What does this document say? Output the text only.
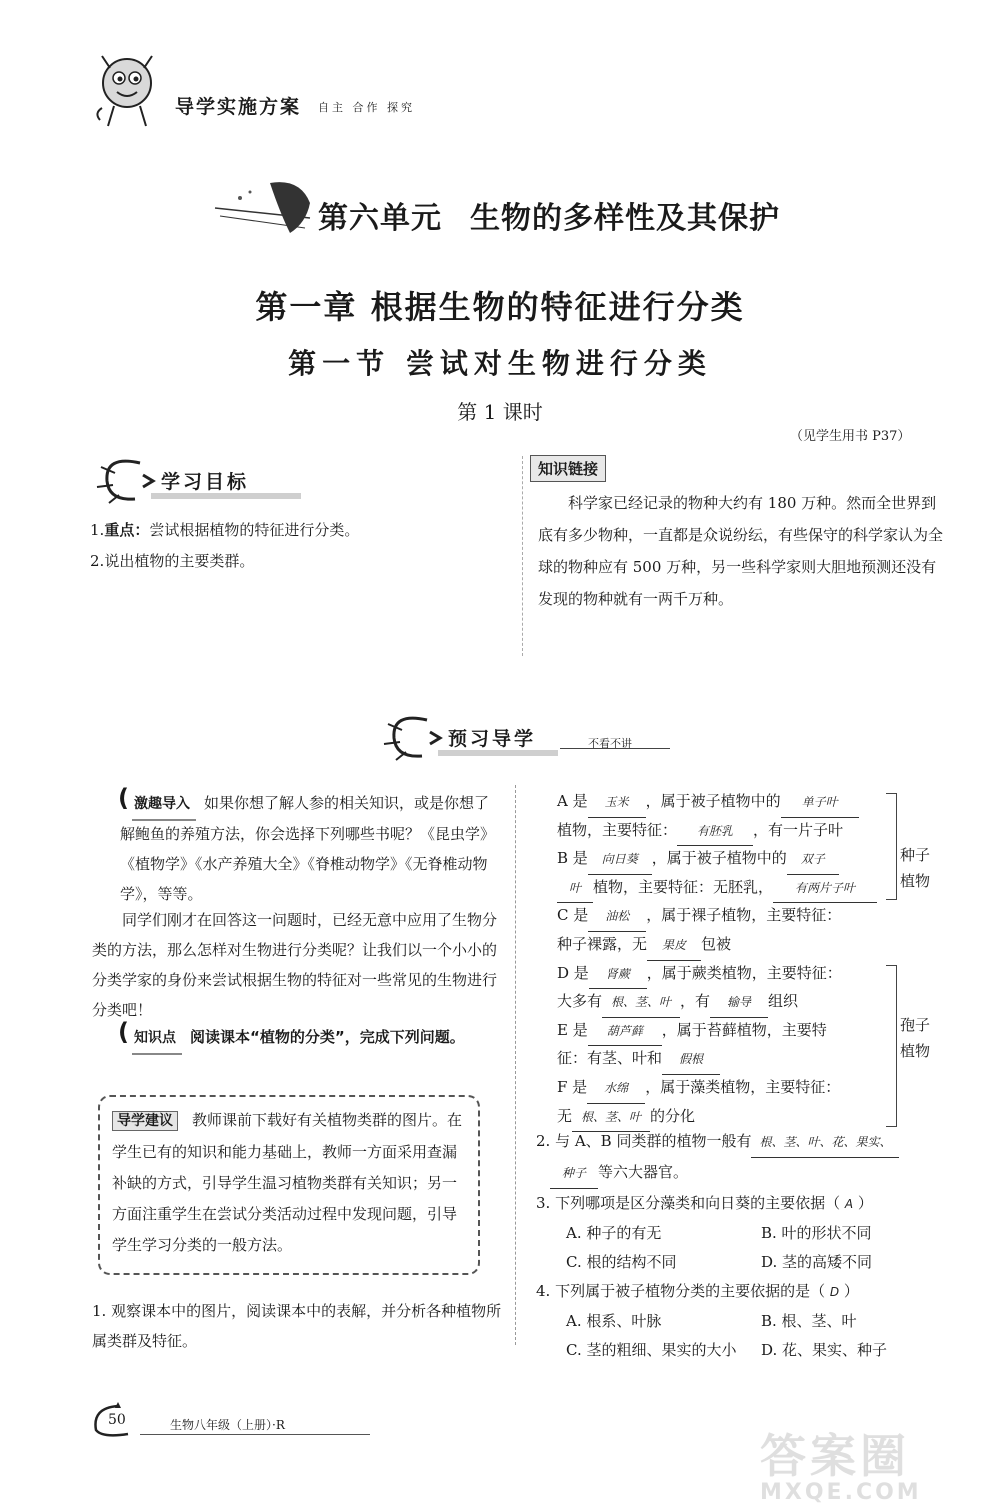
导学实施方案 自主 合作 探究
第六单元 生物的多样性及其保护
第一章 根据生物的特征进行分类
第一节 尝试对生物进行分类
第 1 课时
（见学生用书 P37）
学习目标
1.重点：尝试根据植物的特征进行分类。
2.说出植物的主要类群。
知识链接
科学家已经记录的物种大约有 180 万种。然而全世界到底有多少物种，一直都是众说纷纭，有些保守的科学家认为全球的物种应有 500 万种，另一些科学家则大胆地预测还没有发现的物种就有一两千万种。
预习导学	不看不讲
( 激趣导入 如果你想了解人参的相关知识，或是你想了解鲍鱼的养殖方法，你会选择下列哪些书呢？《昆虫学》《植物学》《水产养殖大全》《脊椎动物学》《无脊椎动物学》，等等。
同学们刚才在回答这一问题时，已经无意中应用了生物分类的方法，那么怎样对生物进行分类呢？让我们以一个小小的分类学家的身份来尝试根据生物的特征对一些常见的生物进行分类吧！
( 知识点 阅读课本“植物的分类”，完成下列问题。
导学建议 教师课前下载好有关植物类群的图片。在学生已有的知识和能力基础上，教师一方面采用查漏补缺的方式，引导学生温习植物类群有关知识；另一方面注重学生在尝试分类活动过程中发现问题，引导学生学习分类的一般方法。
1. 观察课本中的图片，阅读课本中的表解，并分析各种植物所属类群及特征。
A 是 玉米 ，属于被子植物中的 单子叶
植物，主要特征： 有胚乳 ，有一片子叶
B 是 向日葵 ，属于被子植物中的 双子
叶 植物，主要特征：无胚乳， 有两片子叶
C 是 油松 ，属于裸子植物，主要特征：
种子裸露，无 果皮 包被
D 是 肾蕨 ，属于蕨类植物，主要特征：
大多有 根、茎、叶 ，有 输导 组织
E 是 葫芦藓 ，属于苔藓植物，主要特
征：有茎、叶和 假根
F 是 水绵 ，属于藻类植物，主要特征：
无 根、茎、叶 的分化
种子植物
孢子植物
2. 与 A、B 同类群的植物一般有 根、茎、叶、花、果实、
种子 等六大器官。
3. 下列哪项是区分藻类和向日葵的主要依据（ A ）
A. 种子的有无	B. 叶的形状不同
C. 根的结构不同	D. 茎的高矮不同
4. 下列属于被子植物分类的主要依据的是（ D ）
A. 根系、叶脉	B. 根、茎、叶
C. 茎的粗细、果实的大小	D. 花、果实、种子
50	生物八年级（上册）·R
答案圈
MXQE.COM
